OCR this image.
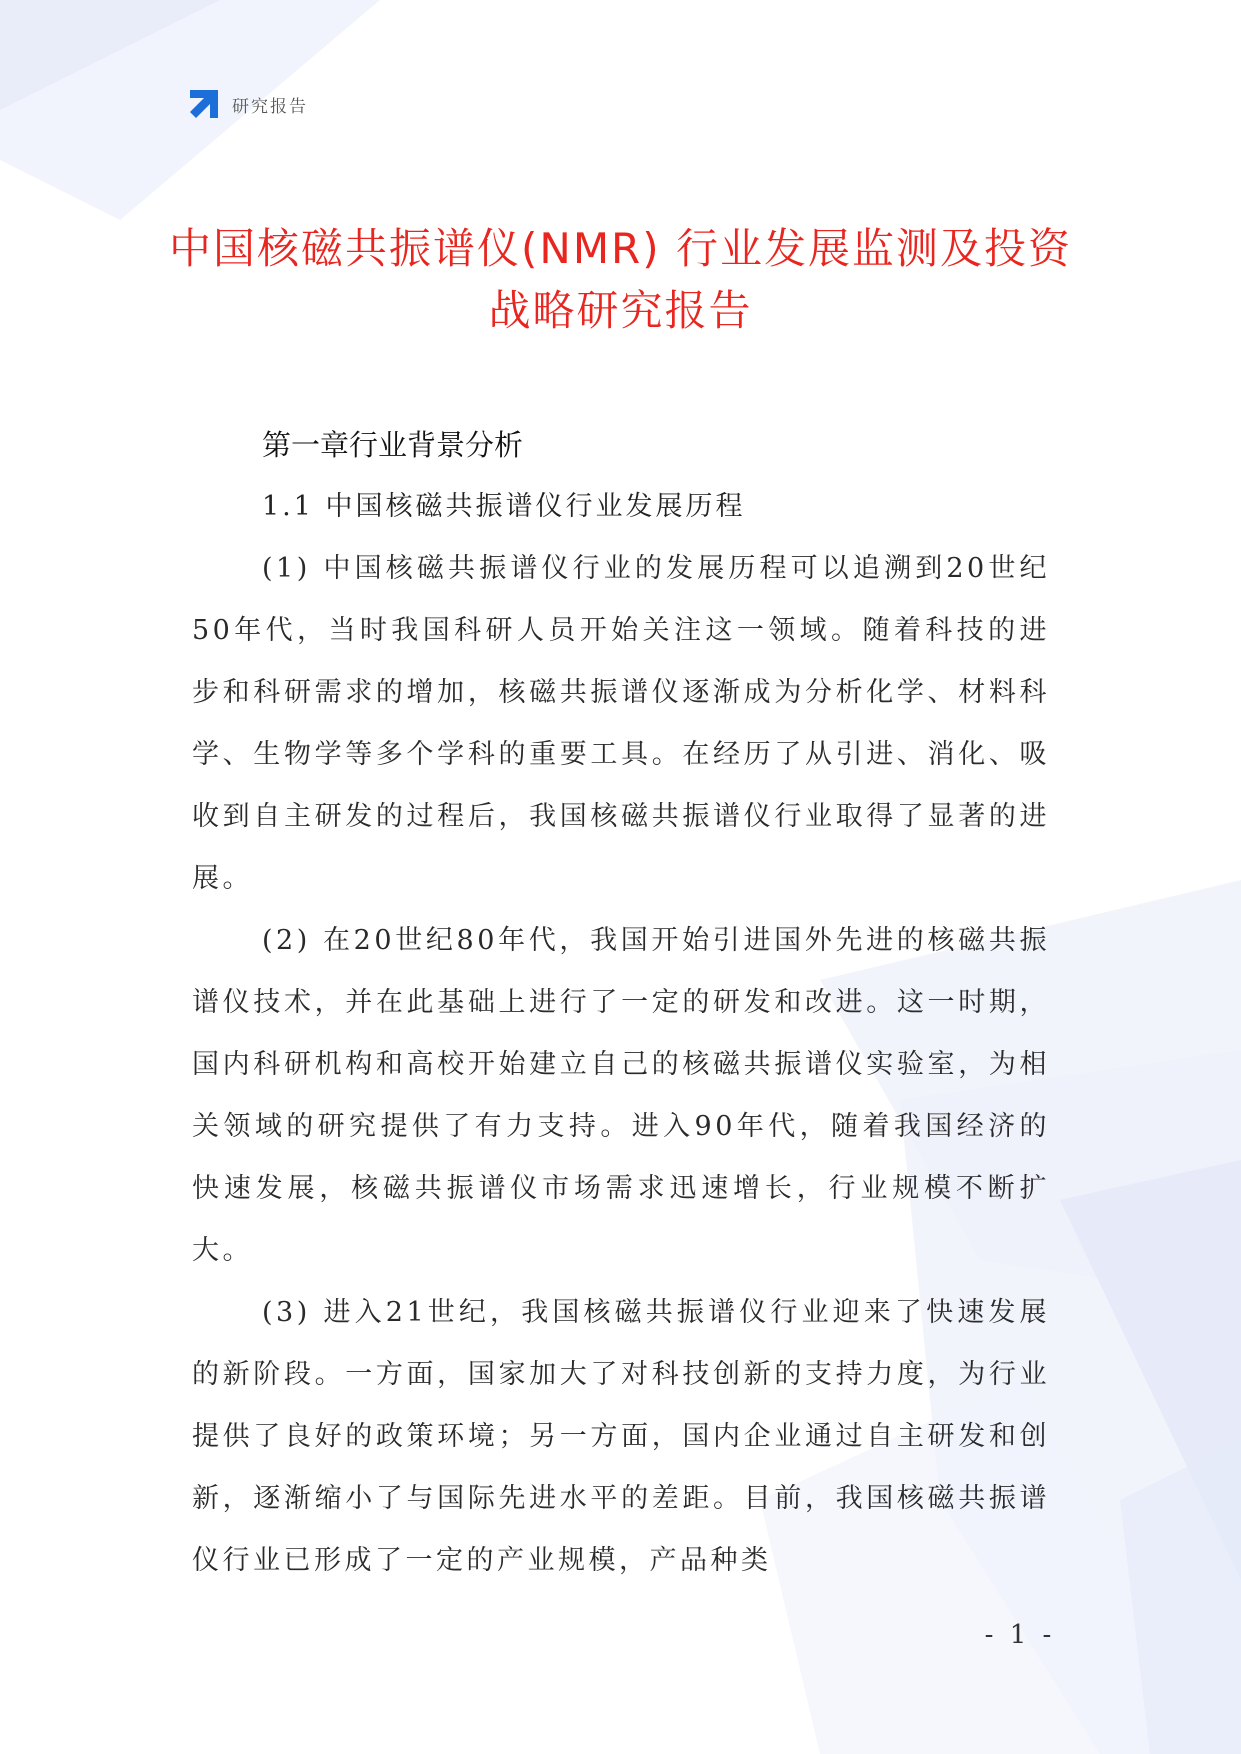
研究报告
中国核磁共振谱仪(NMR) 行业发展监测及投资战略研究报告
第一章行业背景分析
1.1 中国核磁共振谱仪行业发展历程

(1) 中国核磁共振谱仪行业的发展历程可以追溯到20世纪50年代，当时我国科研人员开始关注这一领域。随着科技的进步和科研需求的增加，核磁共振谱仪逐渐成为分析化学、材料科学、生物学等多个学科的重要工具。在经历了从引进、消化、吸收到自主研发的过程后，我国核磁共振谱仪行业取得了显著的进展。

(2) 在20世纪80年代，我国开始引进国外先进的核磁共振谱仪技术，并在此基础上进行了一定的研发和改进。这一时期，国内科研机构和高校开始建立自己的核磁共振谱仪实验室，为相关领域的研究提供了有力支持。进入90年代，随着我国经济的快速发展，核磁共振谱仪市场需求迅速增长，行业规模不断扩大。

(3) 进入21世纪，我国核磁共振谱仪行业迎来了快速发展的新阶段。一方面，国家加大了对科技创新的支持力度，为行业提供了良好的政策环境；另一方面，国内企业通过自主研发和创新，逐渐缩小了与国际先进水平的差距。目前，我国核磁共振谱仪行业已形成了一定的产业规模，产品种类

- 1 -
